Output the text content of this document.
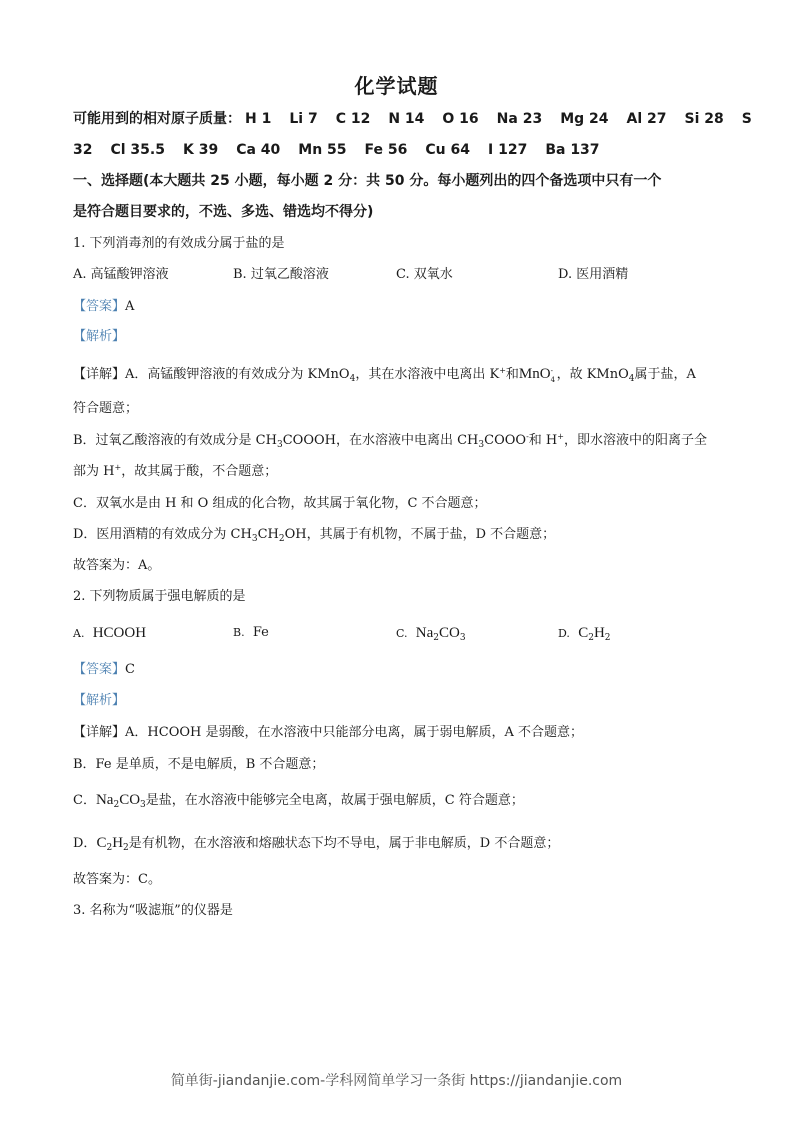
化学试题
可能用到的相对原子质量： H 1 Li 7 C 12 N 14 O 16 Na 23 Mg 24 Al 27 Si 28 S
32 Cl 35.5 K 39 Ca 40 Mn 55 Fe 56 Cu 64 I 127 Ba 137
一、选择题(本大题共 25 小题，每小题 2 分：共 50 分。每小题列出的四个备选项中只有一个
是符合题目要求的，不选、多选、错选均不得分)
1. 下列消毒剂的有效成分属于盐的是
A. 高锰酸钾溶液	B. 过氧乙酸溶液	C. 双氧水	D. 医用酒精
【答案】A
【解析】
【详解】A．高锰酸钾溶液的有效成分为 KMnO$_4$，其在水溶液中电离出 K+和MnO -
4 ，故 KMnO$_4$属于盐，A
符合题意；
B．过氧乙酸溶液的有效成分是 $CH_3COOOH$，在水溶液中电离出 $CH_3COOO^-$和 H+，即水溶液中的阳离子全
部为 H+，故其属于酸，不合题意；
C．双氧水是由 H 和 O 组成的化合物，故其属于氧化物，C 不合题意；
D．医用酒精的有效成分为 $CH_3CH_2OH$，其属于有机物，不属于盐，D 不合题意；
故答案为：A。
2. 下列物质属于强电解质的是
A. HCOOH	B. Fe	C. $Na_2CO_3$	D. $C_2H_2$
【答案】C
【解析】
【详解】A．HCOOH 是弱酸，在水溶液中只能部分电离，属于弱电解质，A 不合题意；
B．Fe 是单质，不是电解质，B 不合题意；
C．$Na_2CO_3$是盐，在水溶液中能够完全电离，故属于强电解质，C 符合题意；
D．$C_2H_2$是有机物，在水溶液和熔融状态下均不导电，属于非电解质，D 不合题意；
故答案为：C。
3. 名称为“吸滤瓶”的仪器是
简单街-jiandanjie.com-学科网简单学习一条街 https://jiandanjie.com
